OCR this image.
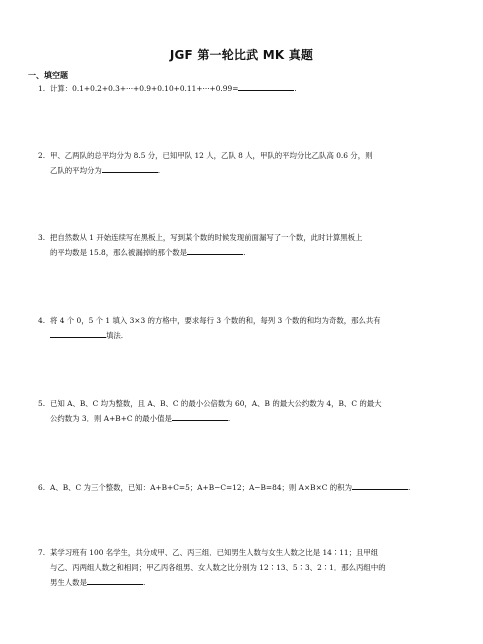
JGF 第一轮比武 MK 真题
一、填空题
1. 计算：0.1+0.2+0.3+···+0.9+0.10+0.11+···+0.99=	.
2. 甲、乙两队的总平均分为 8.5 分，已知甲队 12 人，乙队 8 人，甲队的平均分比乙队高 0.6 分，则
乙队的平均分为	.
3. 把自然数从 1 开始连续写在黑板上，写到某个数的时候发现前面漏写了一个数，此时计算黑板上
的平均数是 15.8，那么被漏掉的那个数是	.
4. 将 4 个 0，5 个 1 填入 3×3 的方格中，要求每行 3 个数的和，每列 3 个数的和均为奇数，那么共有
填法.
5. 已知 A、B、C 均为整数，且 A、B、C 的最小公倍数为 60，A、B 的最大公约数为 4，B、C 的最大
公约数为 3．则 A+B+C 的最小值是	.
6. A、B、C 为三个整数，已知：A+B+C=5；A+B−C=12；A−B=84；则 A×B×C 的积为	.
7. 某学习班有 100 名学生，共分成甲、乙、丙三组．已知男生人数与女生人数之比是 14∶11；且甲组
与乙、丙两组人数之和相同；甲乙丙各组男、女人数之比分别为 12∶13、5∶3、2∶1．那么丙组中的
男生人数是	.
